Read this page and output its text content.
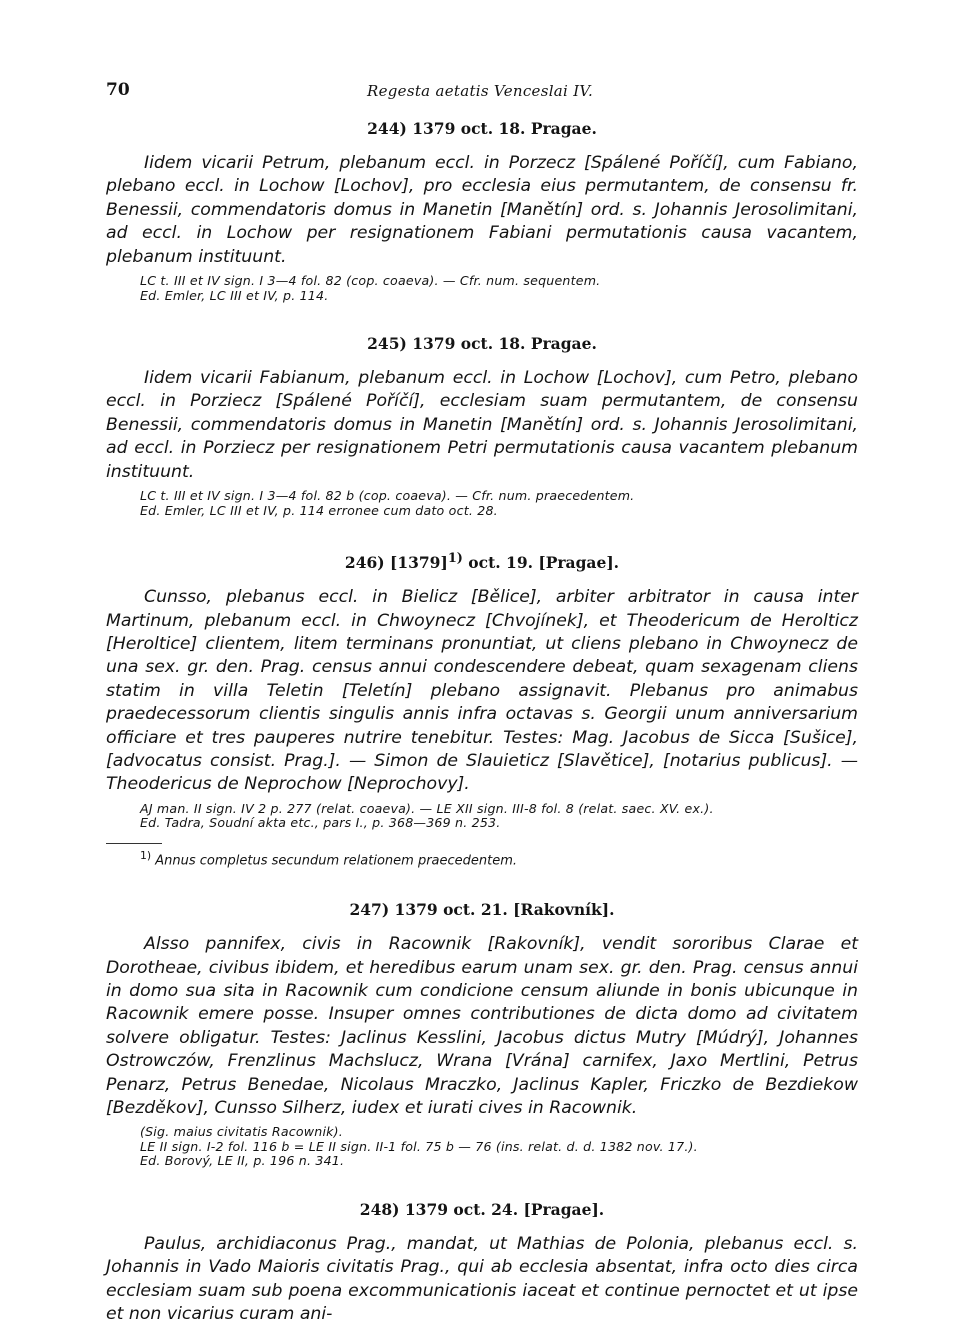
70	Regesta aetatis Venceslai IV.
244) 1379 oct. 18. Pragae.

Iidem vicarii Petrum, plebanum eccl. in Porzecz [Spálené Poříčí], cum Fabiano, plebano eccl. in Lochow [Lochov], pro ecclesia eius permutantem, de consensu fr. Benessii, commendatoris domus in Manetin [Manětín] ord. s. Johannis Jerosolimitani, ad eccl. in Lochow per resignationem Fabiani permutationis causa vacantem, plebanum instituunt.

LC t. III et IV sign. I 3—4 fol. 82 (cop. coaeva). — Cfr. num. sequentem.
Ed. Emler, LC III et IV, p. 114.
245) 1379 oct. 18. Pragae.

Iidem vicarii Fabianum, plebanum eccl. in Lochow [Lochov], cum Petro, plebano eccl. in Porziecz [Spálené Poříčí], ecclesiam suam permutantem, de consensu Benessii, commendatoris domus in Manetin [Manětín] ord. s. Johannis Jerosolimitani, ad eccl. in Porziecz per resignationem Petri permutationis causa vacantem plebanum instituunt.

LC t. III et IV sign. I 3—4 fol. 82 b (cop. coaeva). — Cfr. num. praecedentem.
Ed. Emler, LC III et IV, p. 114 erronee cum dato oct. 28.
246) $[1379]^{1)}$ oct. 19. [Pragae].

Cunsso, plebanus eccl. in Bielicz [Bělice], arbiter arbitrator in causa inter Martinum, plebanum eccl. in Chwoynecz [Chvojínek], et Theodericum de Herolticz [Heroltice] clientem, litem terminans pronuntiat, ut cliens plebano in Chwoynecz de una sex. gr. den. Prag. census annui condescendere debeat, quam sexagenam cliens statim in villa Teletin [Teletín] plebano assignavit. Plebanus pro animabus praedecessorum clientis singulis annis infra octavas s. Georgii unum anniversarium officiare et tres pauperes nutrire tenebitur. Testes: Mag. Jacobus de Sicca [Sušice], [advocatus consist. Prag.]. — Simon de Slauieticz [Slavětice], [notarius publicus]. — Theodericus de Neprochow [Neprochovy].

AJ man. II sign. IV 2 p. 277 (relat. coaeva). — LE XII sign. III-8 fol. 8 (relat. saec. XV. ex.).
Ed. Tadra, Soudní akta etc., pars I., p. 368—369 n. 253.
$^{1)}$ Annus completus secundum relationem praecedentem.
247) 1379 oct. 21. [Rakovník].

Alsso pannifex, civis in Racownik [Rakovník], vendit sororibus Clarae et Dorotheae, civibus ibidem, et heredibus earum unam sex. gr. den. Prag. census annui in domo sua sita in Racownik cum condicione censum aliunde in bonis ubicunque in Racownik emere posse. Insuper omnes contributiones de dicta domo ad civitatem solvere obligatur. Testes: Jaclinus Kesslini, Jacobus dictus Mutry [Múdrý], Johannes Ostrowczów, Frenzlinus Machslucz, Wrana [Vrána] carnifex, Jaxo Mertlini, Petrus Penarz, Petrus Benedae, Nicolaus Mraczko, Jaclinus Kapler, Friczko de Bezdiekow [Bezděkov], Cunsso Silherz, iudex et iurati cives in Racownik.

(Sig. maius civitatis Racownik).
LE II sign. I-2 fol. 116 b = LE II sign. II-1 fol. 75 b — 76 (ins. relat. d. d. 1382 nov. 17.).
Ed. Borový, LE II, p. 196 n. 341.
248) 1379 oct. 24. [Pragae].

Paulus, archidiaconus Prag., mandat, ut Mathias de Polonia, plebanus eccl. s. Johannis in Vado Maioris civitatis Prag., qui ab ecclesia absentat, infra octo dies circa ecclesiam suam sub poena excommunicationis iaceat et continue pernoctet et ut ipse et non vicarius curam ani-
